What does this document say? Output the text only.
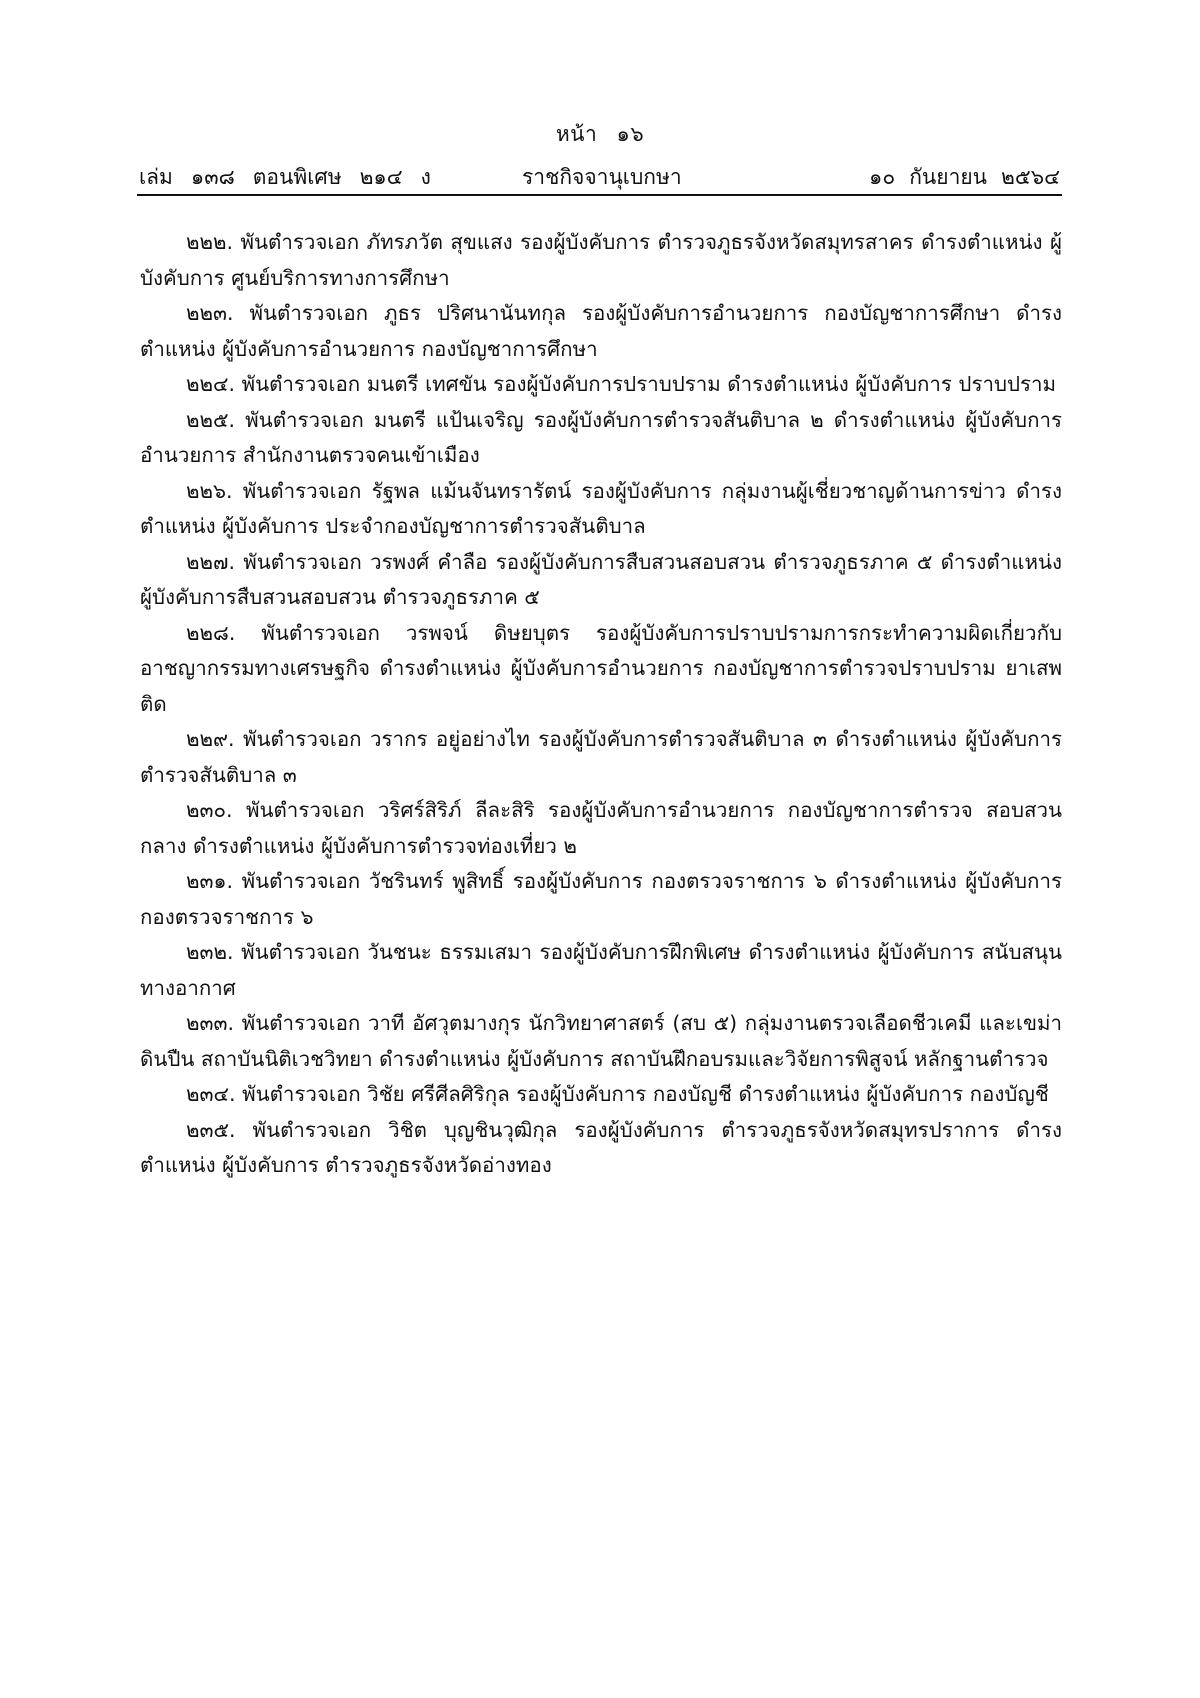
หน้า ๑๖
เล่ม ๑๓๘ ตอนพิเศษ ๒๑๔ ง	ราชกิจจานุเบกษา	๑๐ กันยายน ๒๕๖๔

๒๒๒. พันตำรวจเอก ภัทรภวัต สุขแสง รองผู้บังคับการ ตำรวจภูธรจังหวัดสมุทรสาคร ดำรงตำแหน่ง ผู้บังคับการ ศูนย์บริการทางการศึกษา

๒๒๓. พันตำรวจเอก ภูธร ปริศนานันทกุล รองผู้บังคับการอำนวยการ กองบัญชาการศึกษา ดำรงตำแหน่ง ผู้บังคับการอำนวยการ กองบัญชาการศึกษา

๒๒๔. พันตำรวจเอก มนตรี เทศขัน รองผู้บังคับการปราบปราม ดำรงตำแหน่ง ผู้บังคับการ ปราบปราม

๒๒๕. พันตำรวจเอก มนตรี แป้นเจริญ รองผู้บังคับการตำรวจสันติบาล ๒ ดำรงตำแหน่ง ผู้บังคับการอำนวยการ สำนักงานตรวจคนเข้าเมือง

๒๒๖. พันตำรวจเอก รัฐพล แม้นจันทรารัตน์ รองผู้บังคับการ กลุ่มงานผู้เชี่ยวชาญด้านการข่าว ดำรงตำแหน่ง ผู้บังคับการ ประจำกองบัญชาการตำรวจสันติบาล

๒๒๗. พันตำรวจเอก วรพงศ์ คำลือ รองผู้บังคับการสืบสวนสอบสวน ตำรวจภูธรภาค ๕ ดำรงตำแหน่ง ผู้บังคับการสืบสวนสอบสวน ตำรวจภูธรภาค ๕

๒๒๘. พันตำรวจเอก วรพจน์ ดิษยบุตร รองผู้บังคับการปราบปรามการกระทำความผิดเกี่ยวกับ อาชญากรรมทางเศรษฐกิจ ดำรงตำแหน่ง ผู้บังคับการอำนวยการ กองบัญชาการตำรวจปราบปราม ยาเสพติด

๒๒๙. พันตำรวจเอก วรากร อยู่อย่างไท รองผู้บังคับการตำรวจสันติบาล ๓ ดำรงตำแหน่ง ผู้บังคับการตำรวจสันติบาล ๓

๒๓๐. พันตำรวจเอก วริศร์สิริภ์ ลีละสิริ รองผู้บังคับการอำนวยการ กองบัญชาการตำรวจ สอบสวนกลาง ดำรงตำแหน่ง ผู้บังคับการตำรวจท่องเที่ยว ๒

๒๓๑. พันตำรวจเอก วัชรินทร์ พูสิทธิ์ รองผู้บังคับการ กองตรวจราชการ ๖ ดำรงตำแหน่ง ผู้บังคับการ กองตรวจราชการ ๖

๒๓๒. พันตำรวจเอก วันชนะ ธรรมเสมา รองผู้บังคับการฝึกพิเศษ ดำรงตำแหน่ง ผู้บังคับการ สนับสนุนทางอากาศ

๒๓๓. พันตำรวจเอก วาที อัศวุตมางกุร นักวิทยาศาสตร์ (สบ ๕) กลุ่มงานตรวจเลือดชีวเคมี และเขม่าดินปืน สถาบันนิติเวชวิทยา ดำรงตำแหน่ง ผู้บังคับการ สถาบันฝึกอบรมและวิจัยการพิสูจน์ หลักฐานตำรวจ

๒๓๔. พันตำรวจเอก วิชัย ศรีศีลศิริกุล รองผู้บังคับการ กองบัญชี ดำรงตำแหน่ง ผู้บังคับการ กองบัญชี

๒๓๕. พันตำรวจเอก วิชิต บุญชินวุฒิกุล รองผู้บังคับการ ตำรวจภูธรจังหวัดสมุทรปราการ ดำรงตำแหน่ง ผู้บังคับการ ตำรวจภูธรจังหวัดอ่างทอง
